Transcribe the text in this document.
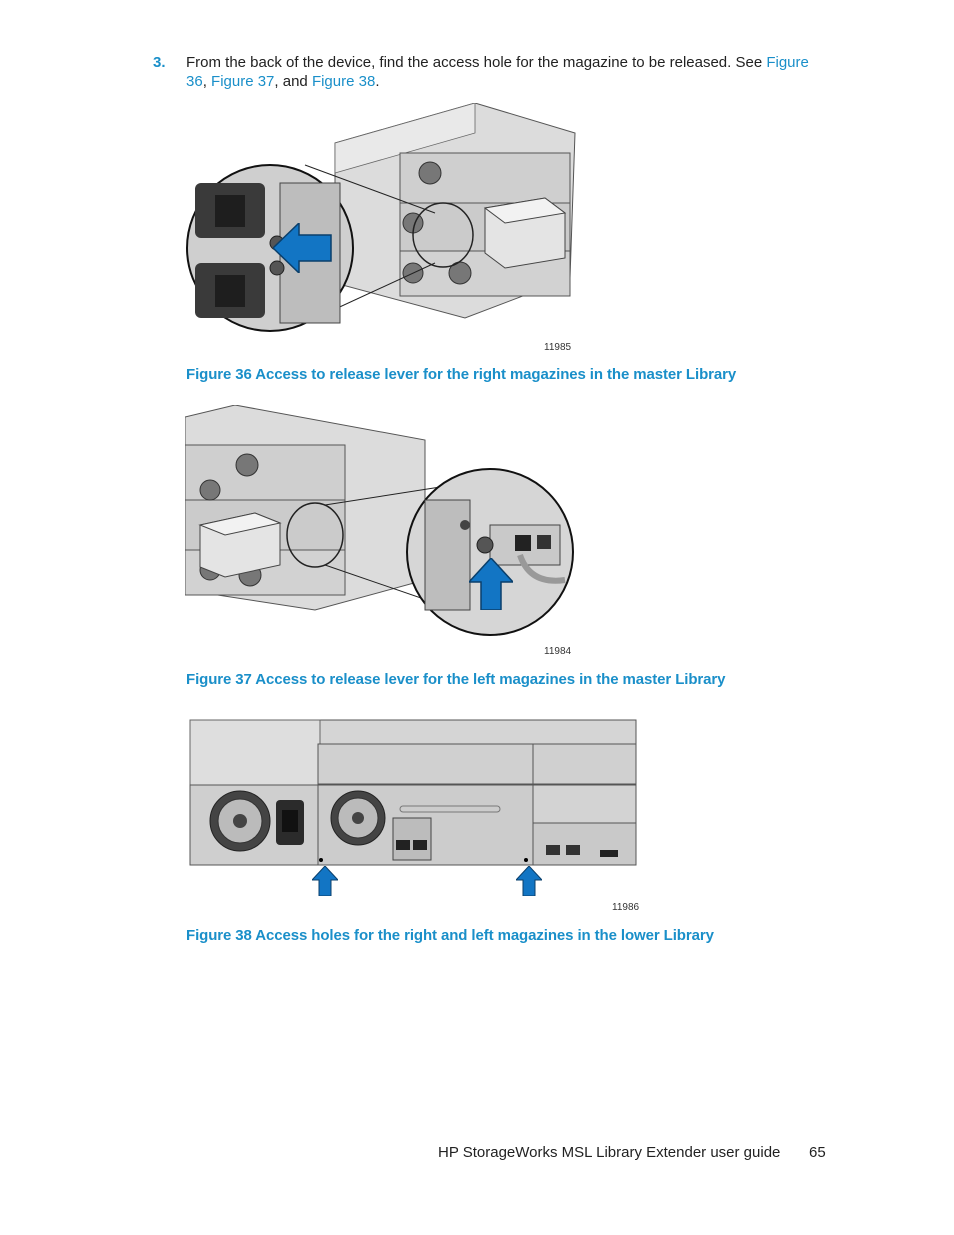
3. From the back of the device, find the access hole for the magazine to be released. See Figure 36, Figure 37, and Figure 38.
11985
Figure 36 Access to release lever for the right magazines in the master Library
11984
Figure 37 Access to release lever for the left magazines in the master Library
11986
Figure 38 Access holes for the right and left magazines in the lower Library
HP StorageWorks MSL Library Extender user guide 65
